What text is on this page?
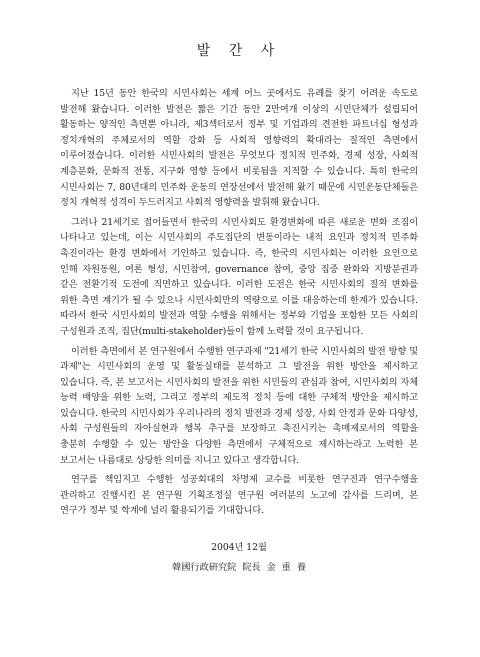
발 간 사

지난 15년 동안 한국의 시민사회는 세계 어느 곳에서도 유례를 찾기 어려운 속도로 발전해 왔습니다. 이러한 발전은 짧은 기간 동안 2만여개 이상의 시민단체가 설립되어 활동하는 양적인 측면뿐 아니라, 제3섹터로서 정부 및 기업과의 견전한 파트너십 형성과 정치개혁의 주체로서의 역할 강화 등 사회적 영향력의 확대라는 질적인 측면에서 이루어졌습니다. 이러한 시민사회의 발전은 무엇보다 정치적 민주화, 경제 성장, 사회적 계층분화, 문화적 전통, 지구화 영향 등에서 비롯됨을 지적할 수 있습니다. 특히 한국의 시민사회는 7, 80년대의 민주화 운동의 연장선에서 발전해 왔기 때문에 시민운동단체들은 정치 개혁적 성격이 두드러지고 사회적 영향력을 발휘해 왔습니다.

그러나 21세기로 접어들면서 한국의 시민사회도 환경변화에 따른 새로운 변화 조짐이 나타나고 있는데, 이는 시민사회의 주도집단의 변동이라는 내적 요인과 정치적 민주화 촉진이라는 환경 변화에서 기인하고 있습니다. 즉, 한국의 시민사회는 이러한 요인으로 인해 자원동원, 여론 형성, 시민참여, governance 참여, 중앙 집중 완화와 지방분권과 같은 전환기적 도전에 직면하고 있습니다. 이러한 도전은 한국 시민사회의 질적 변화를 위한 측면 계기가 될 수 있으나 시민사회만의 역량으로 이를 대응하는데 한계가 있습니다. 따라서 한국 시민사회의 발전과 역할 수행을 위해서는 정부와 기업을 포함한 모든 사회의 구성원과 조직, 집단(multi-stakeholder)들이 함께 노력할 것이 요구됩니다.

이러한 측면에서 본 연구원에서 수행한 연구과제 "21세기 한국 시민사회의 발전 방향 및 과제"는 시민사회의 운영 및 활동실태를 분석하고 그 발전을 위한 방안을 제시하고 있습니다. 즉, 본 보고서는 시민사회의 발전을 위한 시민들의 관심과 참여, 시민사회의 자체 능력 배양을 위한 노력, 그리고 정부의 제도적 정치 등에 대한 구체적 방안을 제시하고 있습니다. 한국의 시민사회가 우리나라의 정치 발전과 경제 성장, 사회 안정과 문화 다양성, 사회 구성원들의 자아실현과 행복 추구를 보장하고 촉진시키는 촉매제로서의 역할을 충분히 수행할 수 있는 방안을 다양한 측면에서 구체적으로 제시하는라고 노력한 본 보고서는 나름대로 상당한 의미를 지니고 있다고 생각합니다.

연구를 책임지고 수행한 성공회대의 차명제 교수를 비롯한 연구진과 연구수행을 관리하고 진행시킨 본 연구원 기획조정실 연구원 여러분의 노고에 감사를 드리며, 본 연구가 정부 및 학계에 널리 활용되기를 기대합니다.

2004년 12월

韓國行政硏究院 院長 金 重 養
